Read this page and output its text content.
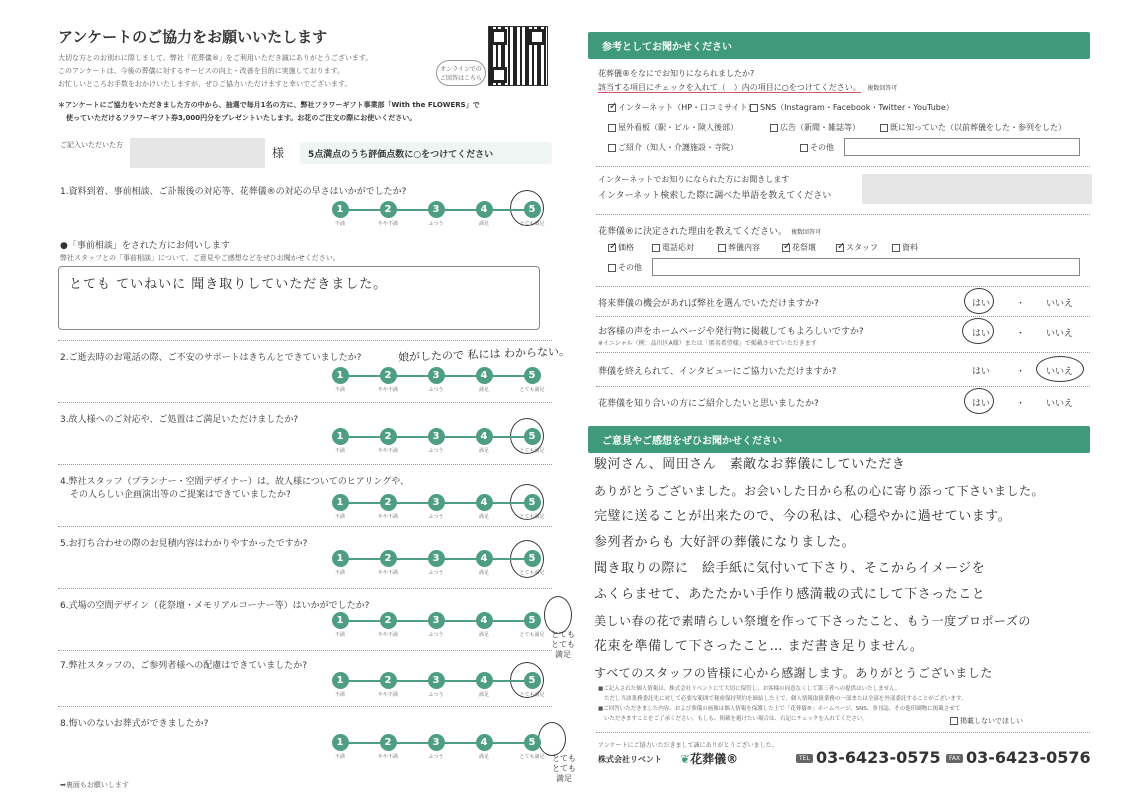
アンケートのご協力をお願いいたします
大切な方とのお別れに際しまして、弊社「花葬儀®」をご利用いただき誠にありがとうございます。
このアンケートは、今後の葬儀に対するサービスの向上・改善を目的に実施しております。
お忙しいところお手数をおかけいたしますが、ぜひご協力いただけますと幸いでございます。
オンラインでのご回答はこちら
＊アンケートにご協力をいただきました方の中から、抽選で毎月1名の方に、弊社フラワーギフト事業部「With the FLOWERS」で
使っていただけるフラワーギフト券3,000円分をプレゼントいたします。お花のご注文の際にお使いください。
ご記入いただいた方
様	5点満点のうち評価点数に○をつけてください
1.資料到着、事前相談、ご訃報後の対応等、花葬儀®の対応の早さはいかがでしたか?
1
不満
2
やや不満
3
ふつう
4
満足
5
とても満足
●「事前相談」をされた方にお伺いします
弊社スタッフとの「事前相談」について、ご意見やご感想などをぜひお聞かせください。
とても ていねいに 聞き取りしていただきました。
2.ご逝去時のお電話の際、ご不安のサポートはきちんとできていましたか?	娘がしたので 私には わからない。
1
不満
2
やや不満
3
ふつう
4
満足
5
とても満足
3.故人様へのご対応や、ご処置はご満足いただけましたか?
1
不満
2
やや不満
3
ふつう
4
満足
5
とても満足
4.弊社スタッフ（プランナー・空間デザイナー）は、故人様についてのヒアリングや、
その人らしい企画演出等のご提案はできていましたか?
1
不満
2
やや不満
3
ふつう
4
満足
5
とても満足
5.お打ち合わせの際のお見積内容はわかりやすかったですか?
1
不満
2
やや不満
3
ふつう
4
満足
5
とても満足
6.式場の空間デザイン（花祭壇・メモリアルコーナー等）はいかがでしたか?
1
不満
2
やや不満
3
ふつう
4
満足
5
とても満足 とても とても 満足
7.弊社スタッフの、ご参列者様への配慮はできていましたか?
1
不満
2
やや不満
3
ふつう
4
満足
5
とても満足
8.悔いのないお葬式ができましたか?
1
不満
2
やや不満
3
ふつう
4
満足
5
とても満足 とても とても 満足
➡裏面もお願いします
参考としてお聞かせください
花葬儀®をなにでお知りになられましたか?
該当する項目にチェックを入れて（　）内の項目に○をつけてください。 複数回答可
✓ インターネット（HP・口コミサイト） SNS（Instagram・Facebook・Twitter・YouTube）
屋外看板（駅・ビル・険人後部）	広告（新聞・雑誌等）	既に知っていた（以前葬儀をした・参列をした）
ご紹介（知人・介護施設・寺院）	その他
インターネットでお知りになられた方にお聞きします
インターネット検索した際に調べた単語を教えてください
花葬儀®に決定された理由を教えてください。 複数回答可
✓ 価格	電話応対	葬儀内容 ✓ 花祭壇 ✓ スタッフ	資料
その他
将来葬儀の機会があれば弊社を選んでいただけますか?	はい	・ いいえ
お客様の声をホームページや発行物に掲載してもよろしいですか?
※イニシャル（例：品川区A様）または「匿名希望様」で掲載させていただきます
はい	・ いいえ
葬儀を終えられて、インタビューにご協力いただけますか?	はい	・ いいえ
花葬儀を知り合いの方にご紹介したいと思いましたか?	はい	・ いいえ
ご意見やご感想をぜひお聞かせください
駿河さん、岡田さん　素敵なお葬儀にしていただき
ありがとうございました。お会いした日から私の心に寄り添って下さいました。
完璧に送ることが出来たので、今の私は、心穏やかに過せています。
参列者からも 大好評の葬儀になりました。
聞き取りの際に　絵手紙に気付いて下さり、そこからイメージを
ふくらませて、あたたかい手作り感満載の式にして下さったこと
美しい春の花で素晴らしい祭壇を作って下さったこと、もう一度プロポーズの
花束を準備して下さったこと… まだ書き足りません。
すべてのスタッフの皆様に心から感謝します。ありがとうございました
■ご記入された個人情報は、株式会社リベントにて大切に保管し、お客様の同意なくして第三者への提供はいたしません。
ただし当該業務委託先に対して必要な範囲で秘密保持契約を締結した上で、個人情報取扱業務の一部または全部を外部委託することがございます。
■ご回答いただきました内容、および葬儀の画像は個人情報を保護した上で「花葬儀®」ホームページ、SNS、事刊誌、その他印刷物に掲載させて
いただきますことをご了承ください。もしも、掲載を避けたい場合は、右記にチェックを入れてください。	掲載しないでほしい
アンケートにご協力いただきまして誠にありがとうございました。
株式会社リベント ❦花葬儀®	TEL 03-6423-0575	FAX 03-6423-0576
